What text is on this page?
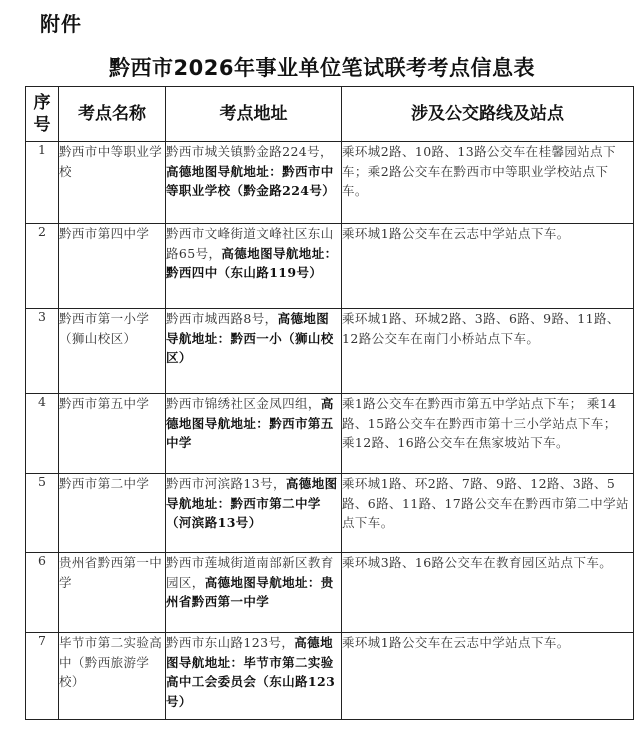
附件
黔西市2026年事业单位笔试联考考点信息表
序号	考点名称	考点地址	涉及公交路线及站点
1	黔西市中等职业学校	黔西市城关镇黔金路224号，高德地图导航地址：黔西市中等职业学校（黔金路224号）	乘环城2路、10路、13路公交车在桂馨园站点下车；乘2路公交车在黔西市中等职业学校站点下车。
2	黔西市第四中学	黔西市文峰街道文峰社区东山路65号，高德地图导航地址：黔西四中（东山路119号）	乘环城1路公交车在云志中学站点下车。
3	黔西市第一小学（狮山校区）	黔西市城西路8号，高德地图导航地址：黔西一小（狮山校区）	乘环城1路、环城2路、3路、6路、9路、11路、12路公交车在南门小桥站点下车。
4	黔西市第五中学	黔西市锦绣社区金凤四组，高德地图导航地址：黔西市第五中学	乘1路公交车在黔西市第五中学站点下车； 乘14路、15路公交车在黔西市第十三小学站点下车； 乘12路、16路公交车在焦家坡站下车。
5	黔西市第二中学	黔西市河滨路13号，高德地图导航地址：黔西市第二中学（河滨路13号）	乘环城1路、环2路、7路、9路、12路、3路、5路、6路、11路、17路公交车在黔西市第二中学站点下车。
6	贵州省黔西第一中学	黔西市莲城街道南部新区教育园区，高德地图导航地址：贵州省黔西第一中学	乘环城3路、16路公交车在教育园区站点下车。
7	毕节市第二实验高中（黔西旅游学校）	黔西市东山路123号，高德地图导航地址：毕节市第二实验高中工会委员会（东山路123号）	乘环城1路公交车在云志中学站点下车。
